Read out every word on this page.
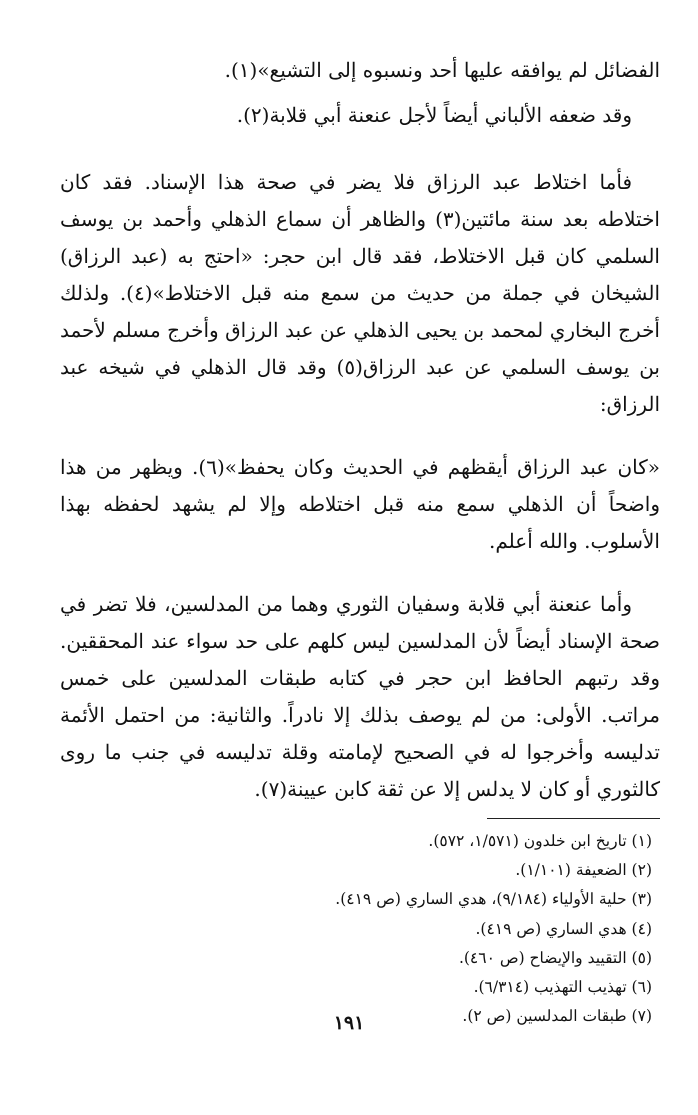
الفضائل لم يوافقه عليها أحد ونسبوه إلى التشيع»(١).

وقد ضعفه الألباني أيضاً لأجل عنعنة أبي قلابة(٢).

فأما اختلاط عبد الرزاق فلا يضر في صحة هذا الإسناد. فقد كان اختلاطه بعد سنة مائتين(٣) والظاهر أن سماع الذهلي وأحمد بن يوسف السلمي كان قبل الاختلاط، فقد قال ابن حجر: «احتج به (عبد الرزاق) الشيخان في جملة من حديث من سمع منه قبل الاختلاط»(٤). ولذلك أخرج البخاري لمحمد بن يحيى الذهلي عن عبد الرزاق وأخرج مسلم لأحمد بن يوسف السلمي عن عبد الرزاق(٥) وقد قال الذهلي في شيخه عبد الرزاق:

«كان عبد الرزاق أيقظهم في الحديث وكان يحفظ»(٦). ويظهر من هذا واضحاً أن الذهلي سمع منه قبل اختلاطه وإلا لم يشهد لحفظه بهذا الأسلوب. والله أعلم.

وأما عنعنة أبي قلابة وسفيان الثوري وهما من المدلسين، فلا تضر في صحة الإسناد أيضاً لأن المدلسين ليس كلهم على حد سواء عند المحققين. وقد رتبهم الحافظ ابن حجر في كتابه طبقات المدلسين على خمس مراتب. الأولى: من لم يوصف بذلك إلا نادراً. والثانية: من احتمل الأئمة تدليسه وأخرجوا له في الصحيح لإمامته وقلة تدليسه في جنب ما روى كالثوري أو كان لا يدلس إلا عن ثقة كابن عيينة(٧).

(١) تاريخ ابن خلدون (١/٥٧١، ٥٧٢).
(٢) الضعيفة (١/١٠١).
(٣) حلية الأولياء (٩/١٨٤)، هدي الساري (ص ٤١٩).
(٤) هدي الساري (ص ٤١٩).
(٥) التقييد والإيضاح (ص ٤٦٠).
(٦) تهذيب التهذيب (٦/٣١٤).
(٧) طبقات المدلسين (ص ٢).
١٩١
